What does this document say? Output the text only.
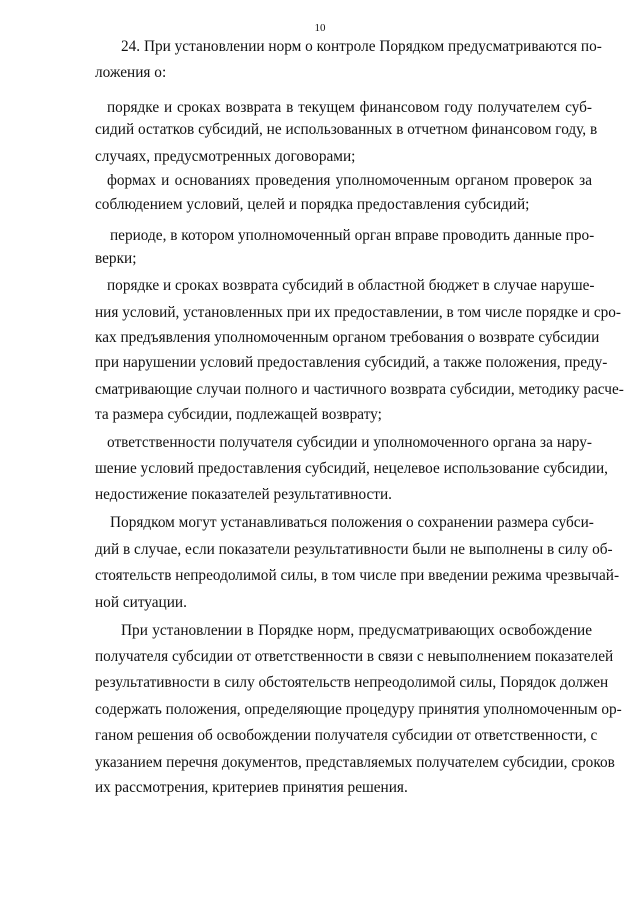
10
24. При установлении норм о контроле Порядком предусматриваются по-
ложения о:
порядке и сроках возврата в текущем финансовом году получателем суб-
сидий остатков субсидий, не использованных в отчетном финансовом году, в
случаях, предусмотренных договорами;
формах и основаниях проведения уполномоченным органом проверок за
соблюдением условий, целей и порядка предоставления субсидий;
периоде, в котором уполномоченный орган вправе проводить данные про-
верки;
порядке и сроках возврата субсидий в областной бюджет в случае наруше-
ния условий, установленных при их предоставлении, в том числе порядке и сро-
ках предъявления уполномоченным органом требования о возврате субсидии
при нарушении условий предоставления субсидий, а также положения, преду-
сматривающие случаи полного и частичного возврата субсидии, методику расче-
та размера субсидии, подлежащей возврату;
ответственности получателя субсидии и уполномоченного органа за нару-
шение условий предоставления субсидий, нецелевое использование субсидии,
недостижение показателей результативности.
Порядком могут устанавливаться положения о сохранении размера субси-
дий в случае, если показатели результативности были не выполнены в силу об-
стоятельств непреодолимой силы, в том числе при введении режима чрезвычай-
ной ситуации.
При установлении в Порядке норм, предусматривающих освобождение
получателя субсидии от ответственности в связи с невыполнением показателей
результативности в силу обстоятельств непреодолимой силы, Порядок должен
содержать положения, определяющие процедуру принятия уполномоченным ор-
ганом решения об освобождении получателя субсидии от ответственности, с
указанием перечня документов, представляемых получателем субсидии, сроков
их рассмотрения, критериев принятия решения.
